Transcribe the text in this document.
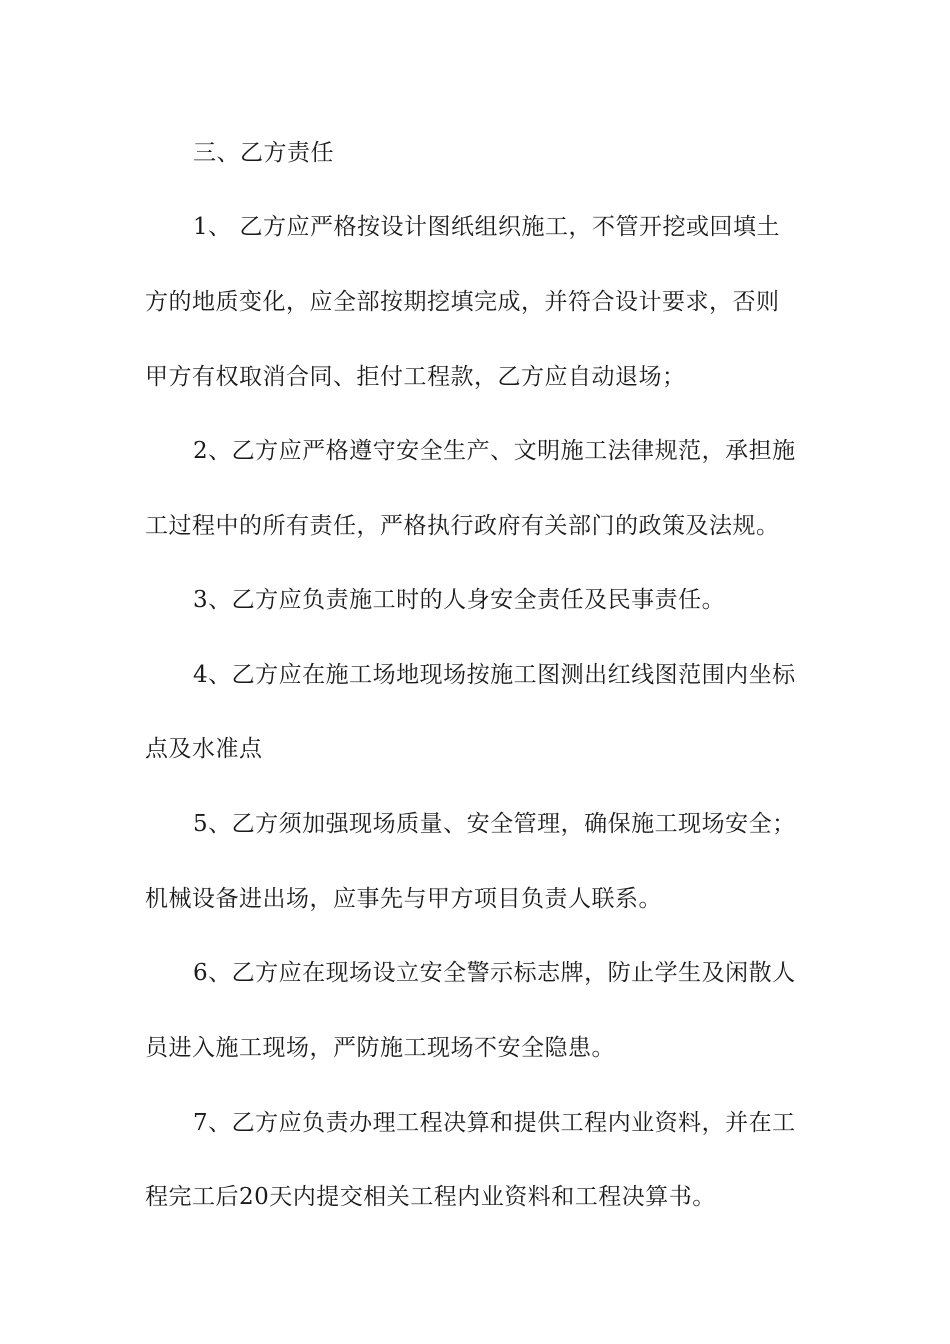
三、乙方责任
1、 乙方应严格按设计图纸组织施工，不管开挖或回填土
方的地质变化，应全部按期挖填完成，并符合设计要求，否则
甲方有权取消合同、拒付工程款，乙方应自动退场；
2、乙方应严格遵守安全生产、文明施工法律规范，承担施
工过程中的所有责任，严格执行政府有关部门的政策及法规。
3、乙方应负责施工时的人身安全责任及民事责任。
4、乙方应在施工场地现场按施工图测出红线图范围内坐标
点及水准点
5、乙方须加强现场质量、安全管理，确保施工现场安全；
机械设备进出场，应事先与甲方项目负责人联系。
6、乙方应在现场设立安全警示标志牌，防止学生及闲散人
员进入施工现场，严防施工现场不安全隐患。
7、乙方应负责办理工程决算和提供工程内业资料，并在工
程完工后20天内提交相关工程内业资料和工程决算书。
